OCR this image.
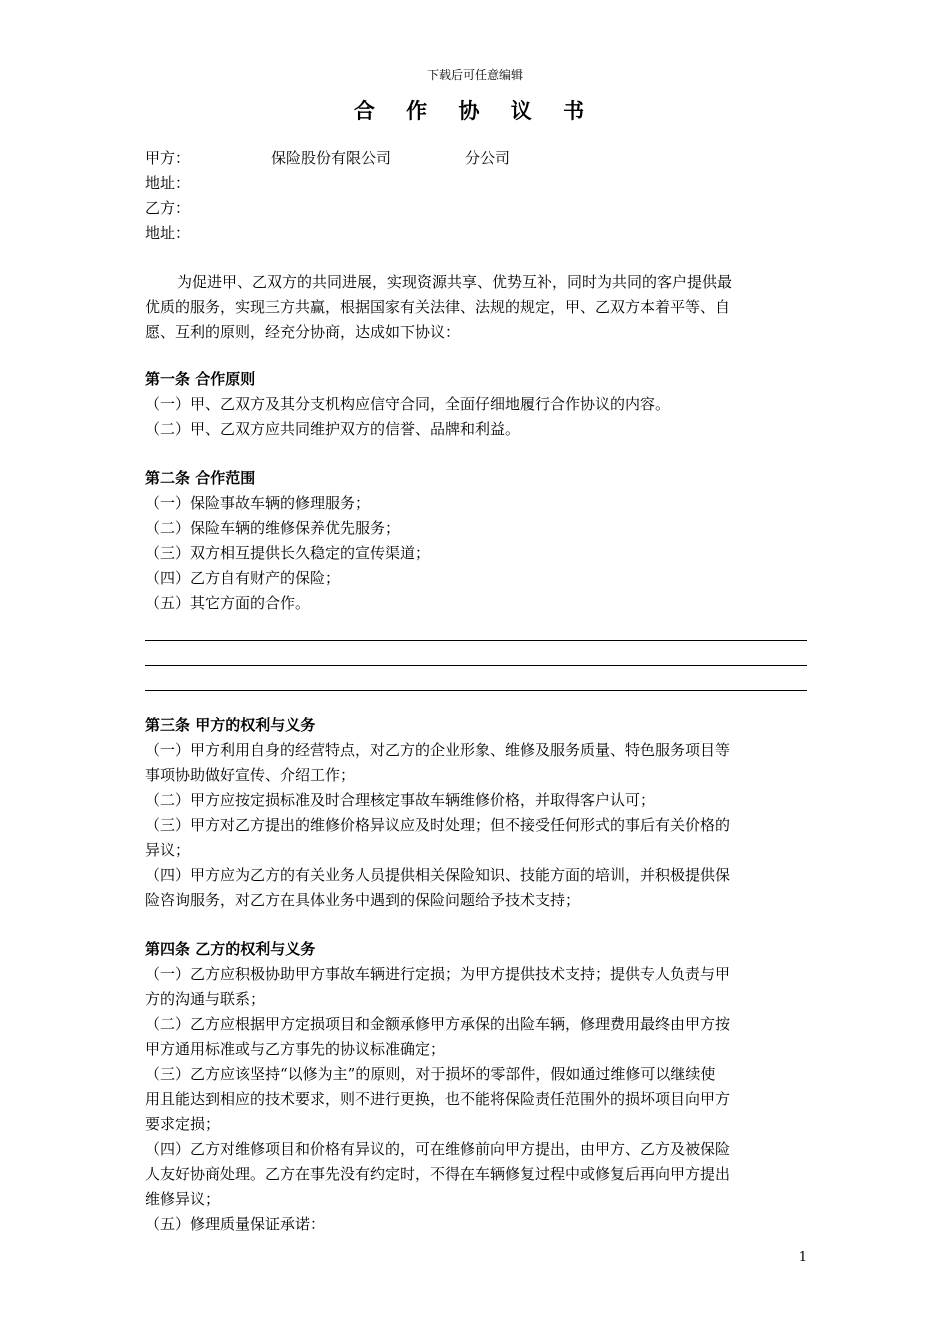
下载后可任意编辑
合 作 协 议 书
甲方：	保险股份有限公司	分公司
地址：
乙方：
地址：

为促进甲、乙双方的共同进展，实现资源共享、优势互补，同时为共同的客户提供最

优质的服务，实现三方共赢，根据国家有关法律、法规的规定，甲、乙双方本着平等、自

愿、互利的原则，经充分协商，达成如下协议：

第一条 合作原则
（一）甲、乙双方及其分支机构应信守合同，全面仔细地履行合作协议的内容。
（二）甲、乙双方应共同维护双方的信誉、品牌和利益。
第二条 合作范围
（一）保险事故车辆的修理服务；
（二）保险车辆的维修保养优先服务；
（三）双方相互提供长久稳定的宣传渠道；
（四）乙方自有财产的保险；
（五）其它方面的合作。
第三条 甲方的权利与义务
（一）甲方利用自身的经营特点，对乙方的企业形象、维修及服务质量、特色服务项目等
事项协助做好宣传、介绍工作；
（二）甲方应按定损标准及时合理核定事故车辆维修价格，并取得客户认可；
（三）甲方对乙方提出的维修价格异议应及时处理；但不接受任何形式的事后有关价格的
异议；
（四）甲方应为乙方的有关业务人员提供相关保险知识、技能方面的培训，并积极提供保
险咨询服务，对乙方在具体业务中遇到的保险问题给予技术支持；
第四条 乙方的权利与义务
（一）乙方应积极协助甲方事故车辆进行定损；为甲方提供技术支持；提供专人负责与甲
方的沟通与联系；
（二）乙方应根据甲方定损项目和金额承修甲方承保的出险车辆，修理费用最终由甲方按
甲方通用标准或与乙方事先的协议标准确定；
（三）乙方应该坚持“以修为主”的原则，对于损坏的零部件，假如通过维修可以继续使
用且能达到相应的技术要求，则不进行更换，也不能将保险责任范围外的损坏项目向甲方
要求定损；
（四）乙方对维修项目和价格有异议的，可在维修前向甲方提出，由甲方、乙方及被保险
人友好协商处理。乙方在事先没有约定时，不得在车辆修复过程中或修复后再向甲方提出
维修异议；
（五）修理质量保证承诺：
1
